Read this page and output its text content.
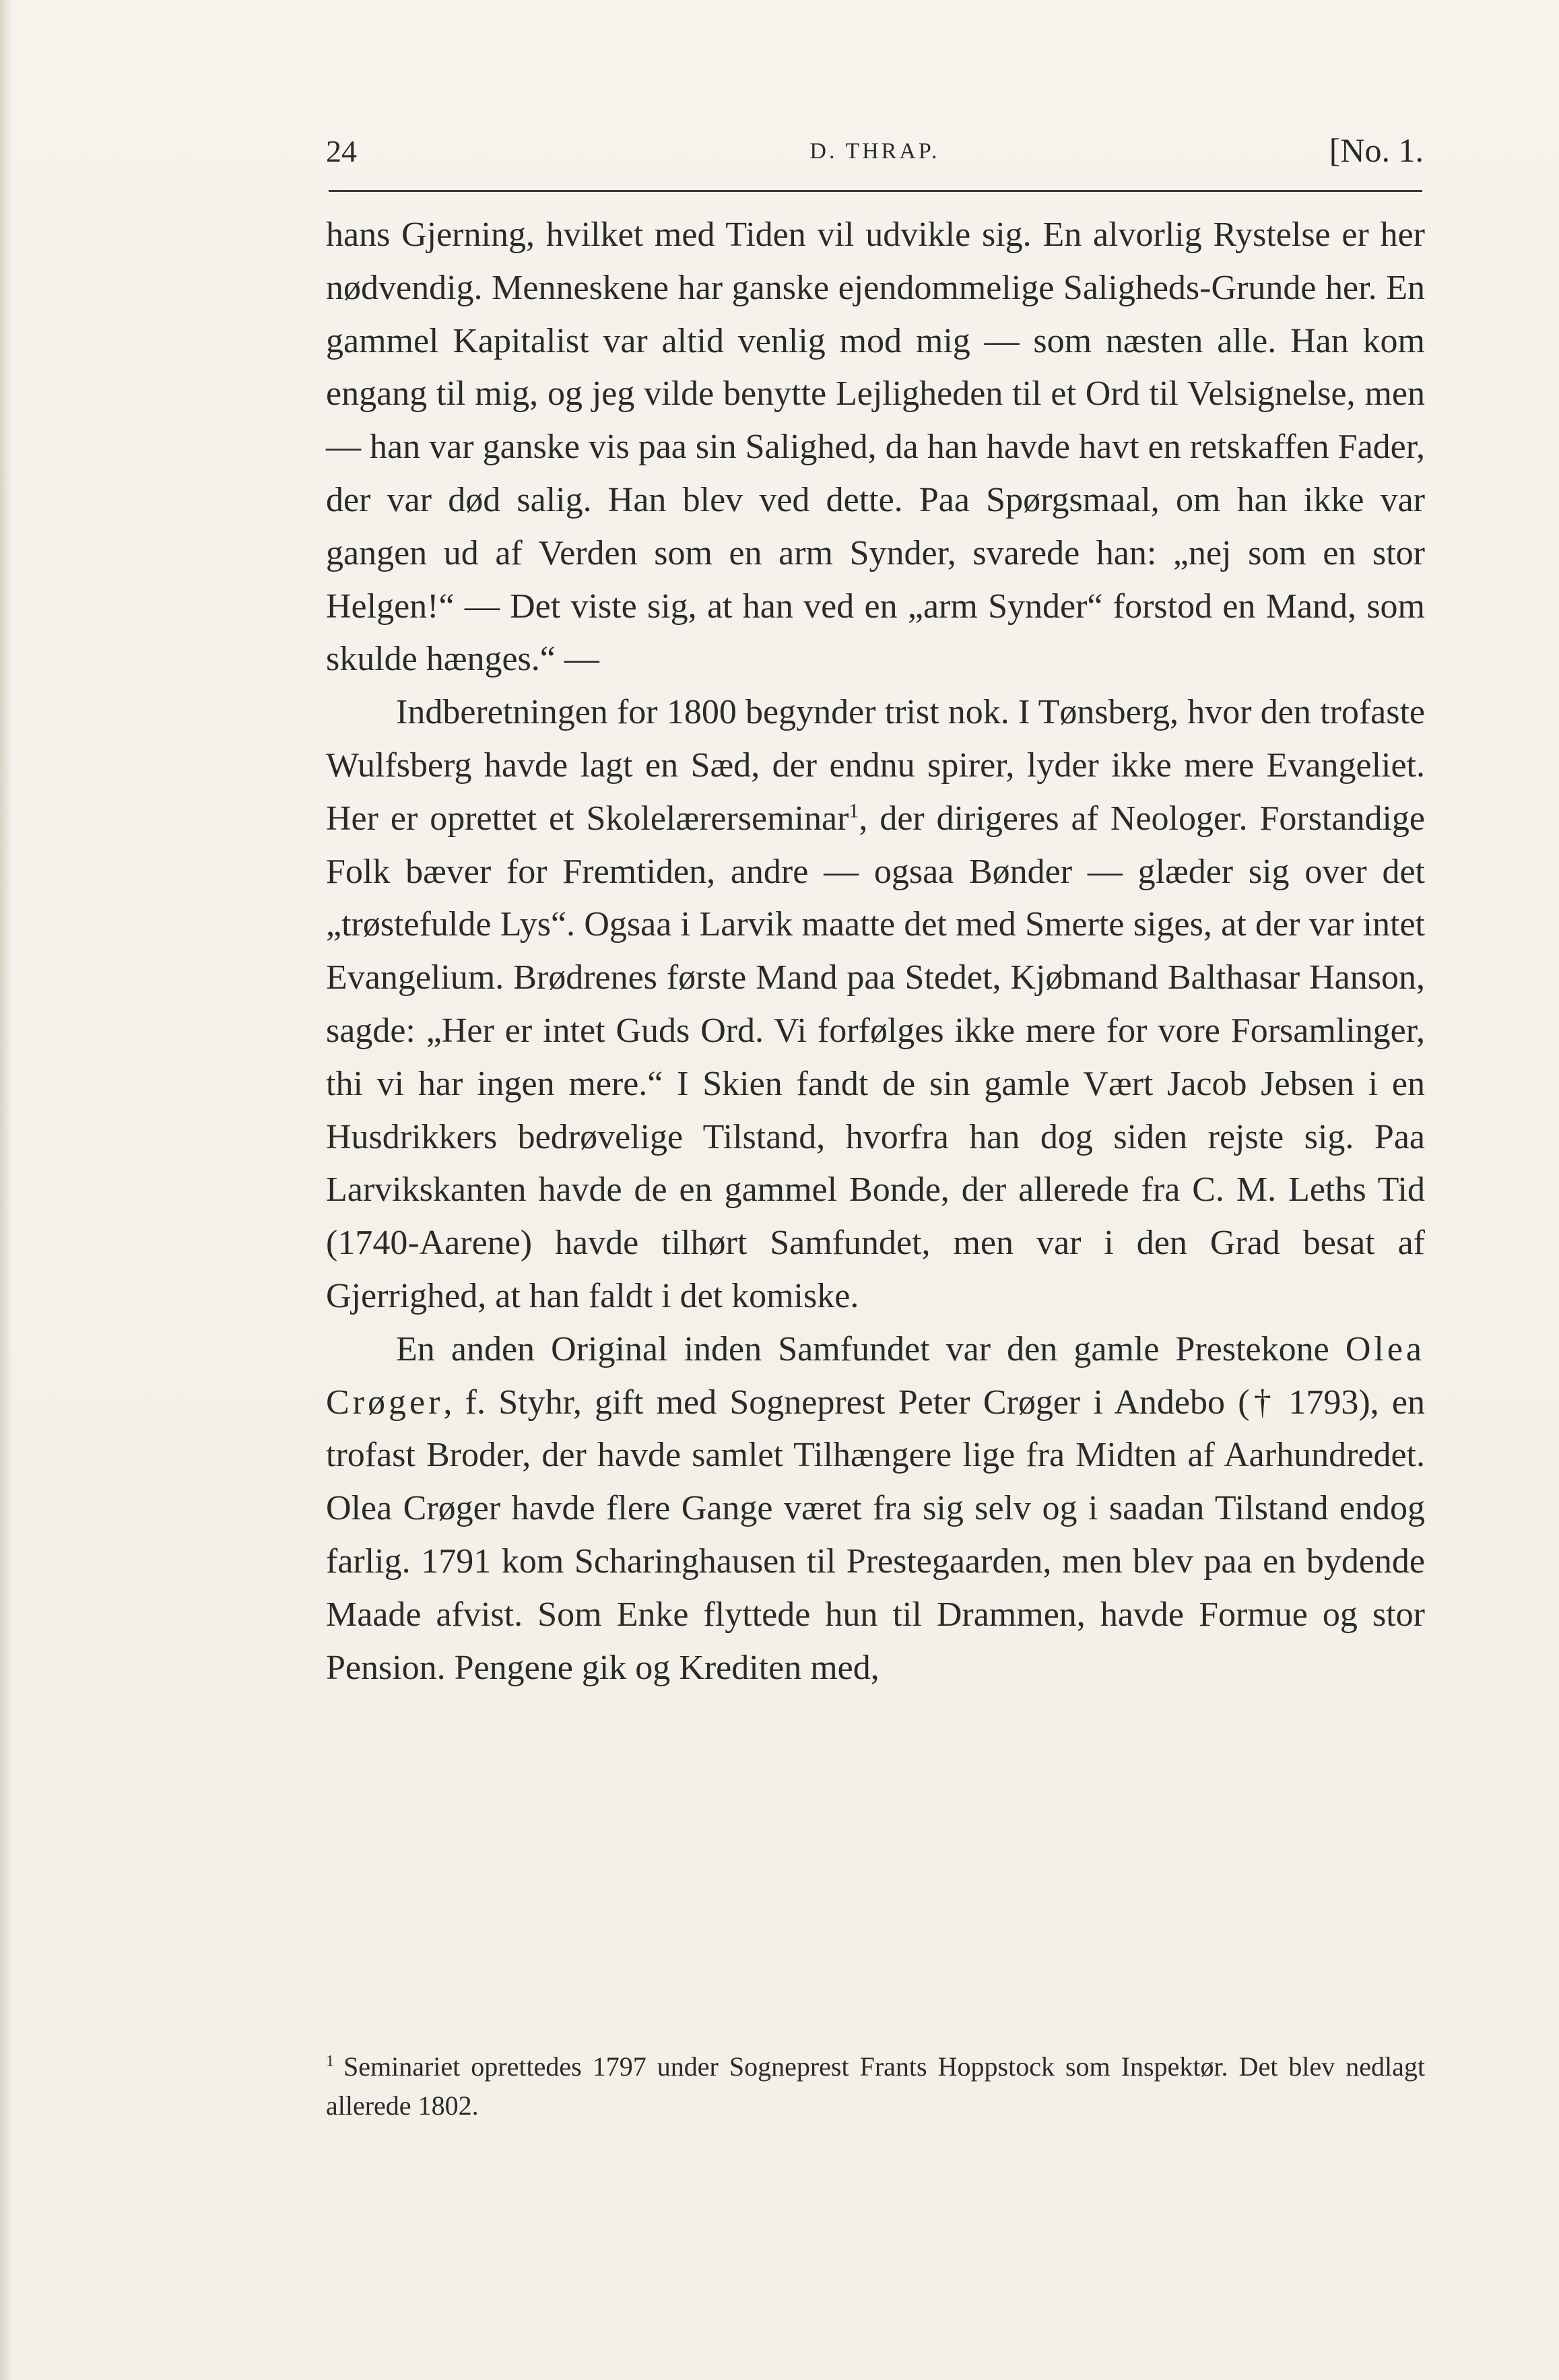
24	D. THRAP.	[No. 1.

hans Gjerning, hvilket med Tiden vil udvikle sig. En alvorlig Rystelse er her nødvendig. Menneskene har ganske ejendommelige Saligheds-Grunde her. En gammel Kapitalist var altid venlig mod mig — som næsten alle. Han kom engang til mig, og jeg vilde benytte Lejligheden til et Ord til Velsignelse, men — han var ganske vis paa sin Salighed, da han havde havt en retskaffen Fader, der var død salig. Han blev ved dette. Paa Spørgsmaal, om han ikke var gangen ud af Verden som en arm Synder, svarede han: „nej som en stor Helgen!“ — Det viste sig, at han ved en „arm Synder“ forstod en Mand, som skulde hænges.“ —

Indberetningen for 1800 begynder trist nok. I Tønsberg, hvor den trofaste Wulfsberg havde lagt en Sæd, der endnu spirer, lyder ikke mere Evangeliet. Her er oprettet et Skolelærerseminar$^1$, der dirigeres af Neologer. Forstandige Folk bæver for Fremtiden, andre — ogsaa Bønder — glæder sig over det „trøstefulde Lys“. Ogsaa i Larvik maatte det med Smerte siges, at der var intet Evangelium. Brødrenes første Mand paa Stedet, Kjøbmand Balthasar Hanson, sagde: „Her er intet Guds Ord. Vi forfølges ikke mere for vore Forsamlinger, thi vi har ingen mere.“ I Skien fandt de sin gamle Vært Jacob Jebsen i en Husdrikkers bedrøvelige Tilstand, hvorfra han dog siden rejste sig. Paa Larvikskanten havde de en gammel Bonde, der allerede fra C. M. Leths Tid (1740-Aarene) havde tilhørt Samfundet, men var i den Grad besat af Gjerrighed, at han faldt i det komiske.

En anden Original inden Samfundet var den gamle Prestekone Olea Crøger, f. Styhr, gift med Sogneprest Peter Crøger i Andebo († 1793), en trofast Broder, der havde samlet Tilhængere lige fra Midten af Aarhundredet. Olea Crøger havde flere Gange været fra sig selv og i saadan Tilstand endog farlig. 1791 kom Scharinghausen til Prestegaarden, men blev paa en bydende Maade afvist. Som Enke flyttede hun til Drammen, havde Formue og stor Pension. Pengene gik og Krediten med,

$^1$ Seminariet oprettedes 1797 under Sogneprest Frants Hoppstock som Inspektør. Det blev nedlagt allerede 1802.
